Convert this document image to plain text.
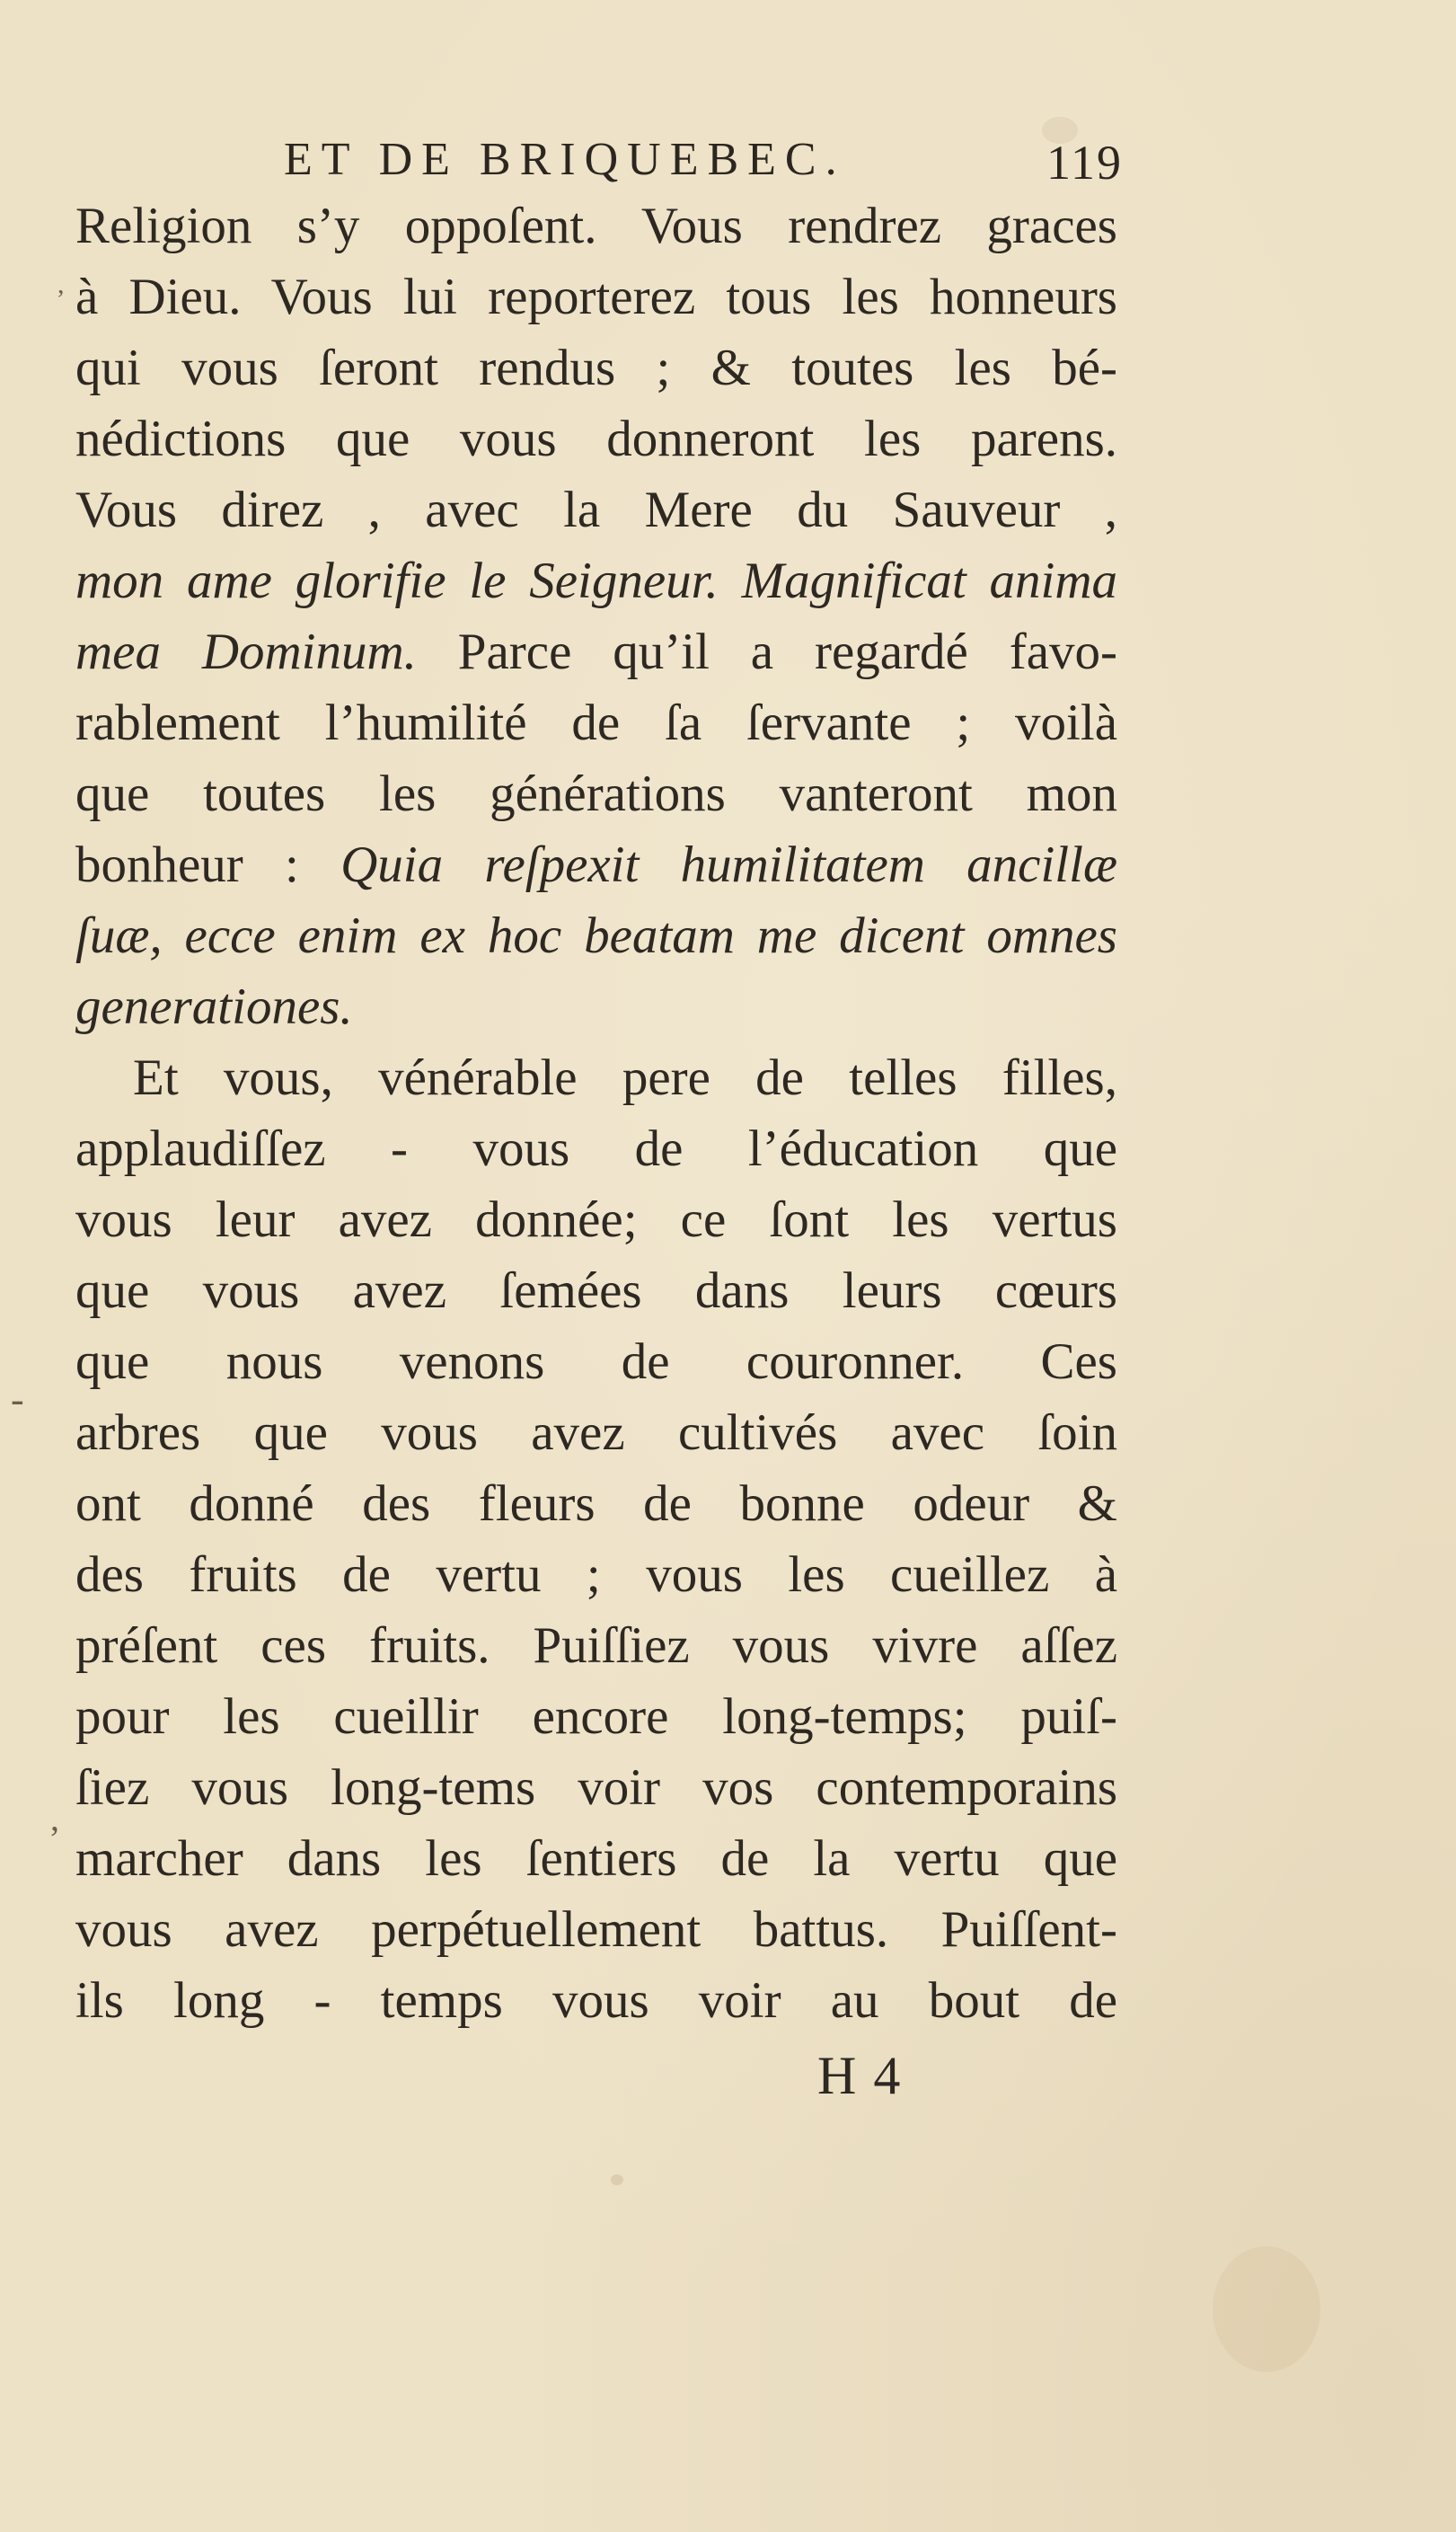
,
-
,
ET DE BRIQUEBEC.	119
Religion s’y oppoſent. Vous rendrez graces
à Dieu. Vous lui reporterez tous les honneurs
qui vous ſeront rendus ; & toutes les bé-
nédictions que vous donneront les parens.
Vous direz , avec la Mere du Sauveur ,
mon ame glorifie le Seigneur. Magnificat anima
mea Dominum. Parce qu’il a regardé favo-
rablement l’humilité de ſa ſervante ; voilà
que toutes les générations vanteront mon
bonheur : Quia reſpexit humilitatem ancillæ
ſuæ, ecce enim ex hoc beatam me dicent omnes
generationes.
Et vous, vénérable pere de telles filles,
applaudiſſez - vous de l’éducation que
vous leur avez donnée; ce ſont les vertus
que vous avez ſemées dans leurs cœurs
que nous venons de couronner. Ces
arbres que vous avez cultivés avec ſoin
ont donné des fleurs de bonne odeur &
des fruits de vertu ; vous les cueillez à
préſent ces fruits. Puiſſiez vous vivre aſſez
pour les cueillir encore long-temps; puiſ-
ſiez vous long-tems voir vos contemporains
marcher dans les ſentiers de la vertu que
vous avez perpétuellement battus. Puiſſent-
ils long - temps vous voir au bout de
H 4
